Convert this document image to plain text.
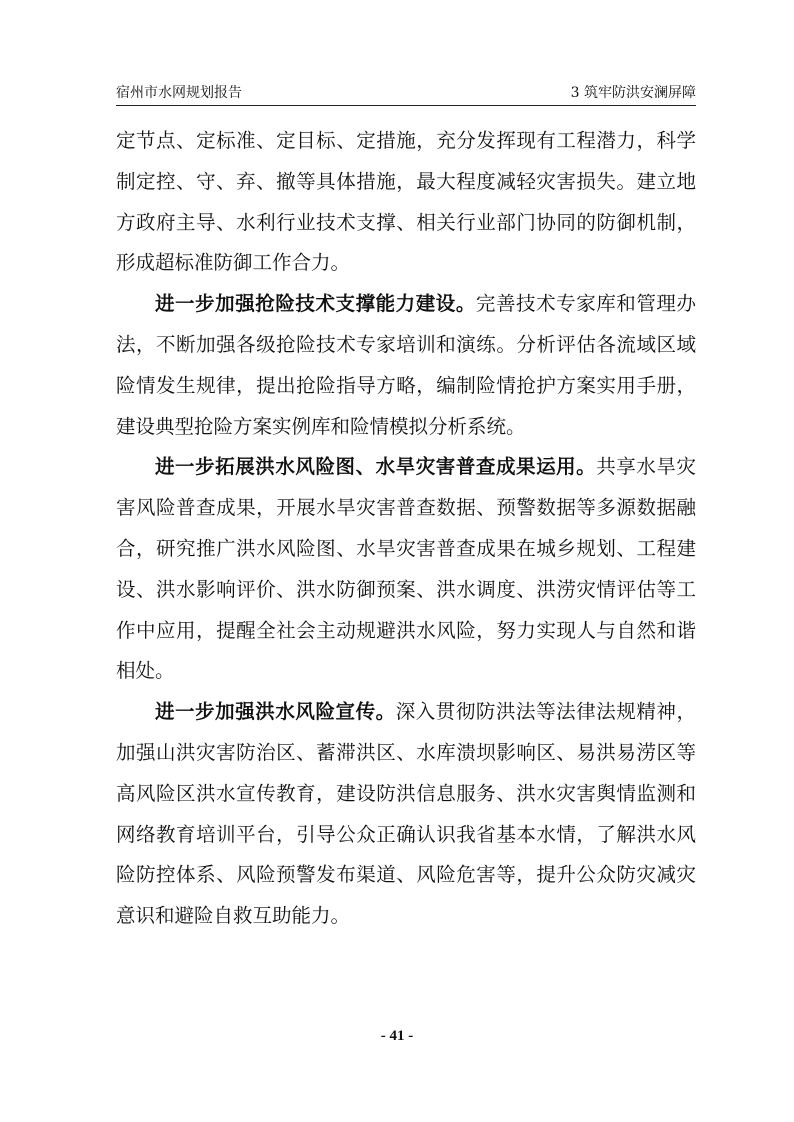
宿州市水网规划报告	3 筑牢防洪安澜屏障

定节点、定标准、定目标、定措施，充分发挥现有工程潜力，科学制定控、守、弃、撤等具体措施，最大程度减轻灾害损失。建立地方政府主导、水利行业技术支撑、相关行业部门协同的防御机制，形成超标准防御工作合力。

进一步加强抢险技术支撑能力建设。完善技术专家库和管理办法，不断加强各级抢险技术专家培训和演练。分析评估各流域区域险情发生规律，提出抢险指导方略，编制险情抢护方案实用手册，建设典型抢险方案实例库和险情模拟分析系统。

进一步拓展洪水风险图、水旱灾害普查成果运用。共享水旱灾害风险普查成果，开展水旱灾害普查数据、预警数据等多源数据融合，研究推广洪水风险图、水旱灾害普查成果在城乡规划、工程建设、洪水影响评价、洪水防御预案、洪水调度、洪涝灾情评估等工作中应用，提醒全社会主动规避洪水风险，努力实现人与自然和谐相处。

进一步加强洪水风险宣传。深入贯彻防洪法等法律法规精神，加强山洪灾害防治区、蓄滞洪区、水库溃坝影响区、易洪易涝区等高风险区洪水宣传教育，建设防洪信息服务、洪水灾害舆情监测和网络教育培训平台，引导公众正确认识我省基本水情，了解洪水风险防控体系、风险预警发布渠道、风险危害等，提升公众防灾减灾意识和避险自救互助能力。

- 41 -
